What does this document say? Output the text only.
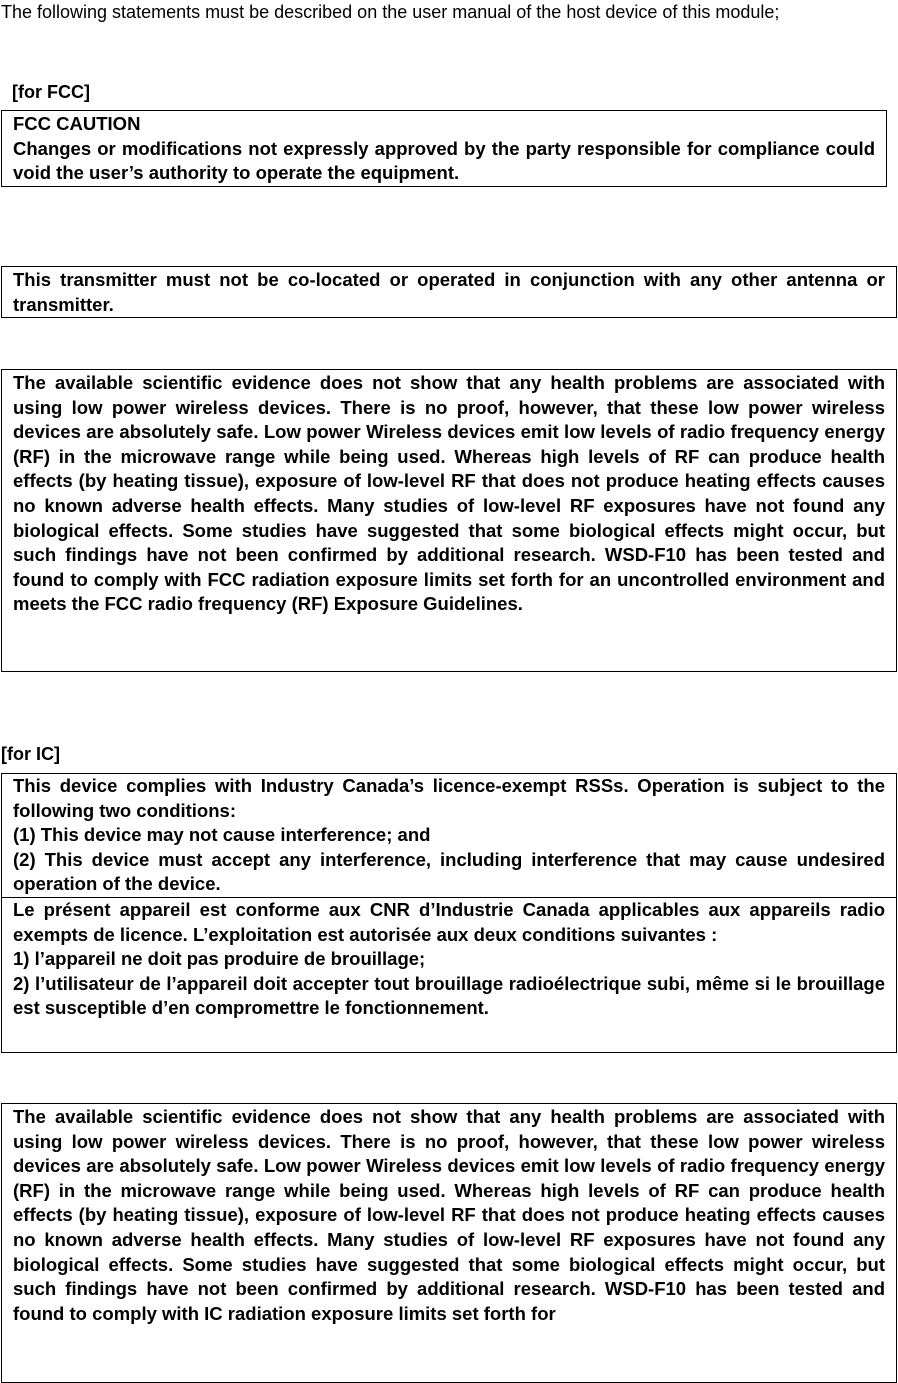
The following statements must be described on the user manual of the host device of this module;
[for FCC]

FCC CAUTION

Changes or modifications not expressly approved by the party responsible for compliance could void the user’s authority to operate the equipment.

This transmitter must not be co-located or operated in conjunction with any other antenna or transmitter.

The available scientific evidence does not show that any health problems are associated with using low power wireless devices. There is no proof, however, that these low power wireless devices are absolutely safe. Low power Wireless devices emit low levels of radio frequency energy (RF) in the microwave range while being used. Whereas high levels of RF can produce health effects (by heating tissue), exposure of low-level RF that does not produce heating effects causes no known adverse health effects. Many studies of low-level RF exposures have not found any biological effects. Some studies have suggested that some biological effects might occur, but such findings have not been confirmed by additional research. WSD-F10 has been tested and found to comply with FCC radiation exposure limits set forth for an uncontrolled environment and meets the FCC radio frequency (RF) Exposure Guidelines.

[for IC]

This device complies with Industry Canada’s licence-exempt RSSs. Operation is subject to the following two conditions:

(1) This device may not cause interference; and

(2) This device must accept any interference, including interference that may cause undesired operation of the device.

Le présent appareil est conforme aux CNR d’Industrie Canada applicables aux appareils radio exempts de licence. L’exploitation est autorisée aux deux conditions suivantes :

1) l’appareil ne doit pas produire de brouillage;

2) l’utilisateur de l’appareil doit accepter tout brouillage radioélectrique subi, même si le brouillage est susceptible d’en compromettre le fonctionnement.

The available scientific evidence does not show that any health problems are associated with using low power wireless devices. There is no proof, however, that these low power wireless devices are absolutely safe. Low power Wireless devices emit low levels of radio frequency energy (RF) in the microwave range while being used. Whereas high levels of RF can produce health effects (by heating tissue), exposure of low-level RF that does not produce heating effects causes no known adverse health effects. Many studies of low-level RF exposures have not found any biological effects. Some studies have suggested that some biological effects might occur, but such findings have not been confirmed by additional research. WSD-F10 has been tested and found to comply with IC radiation exposure limits set forth for
